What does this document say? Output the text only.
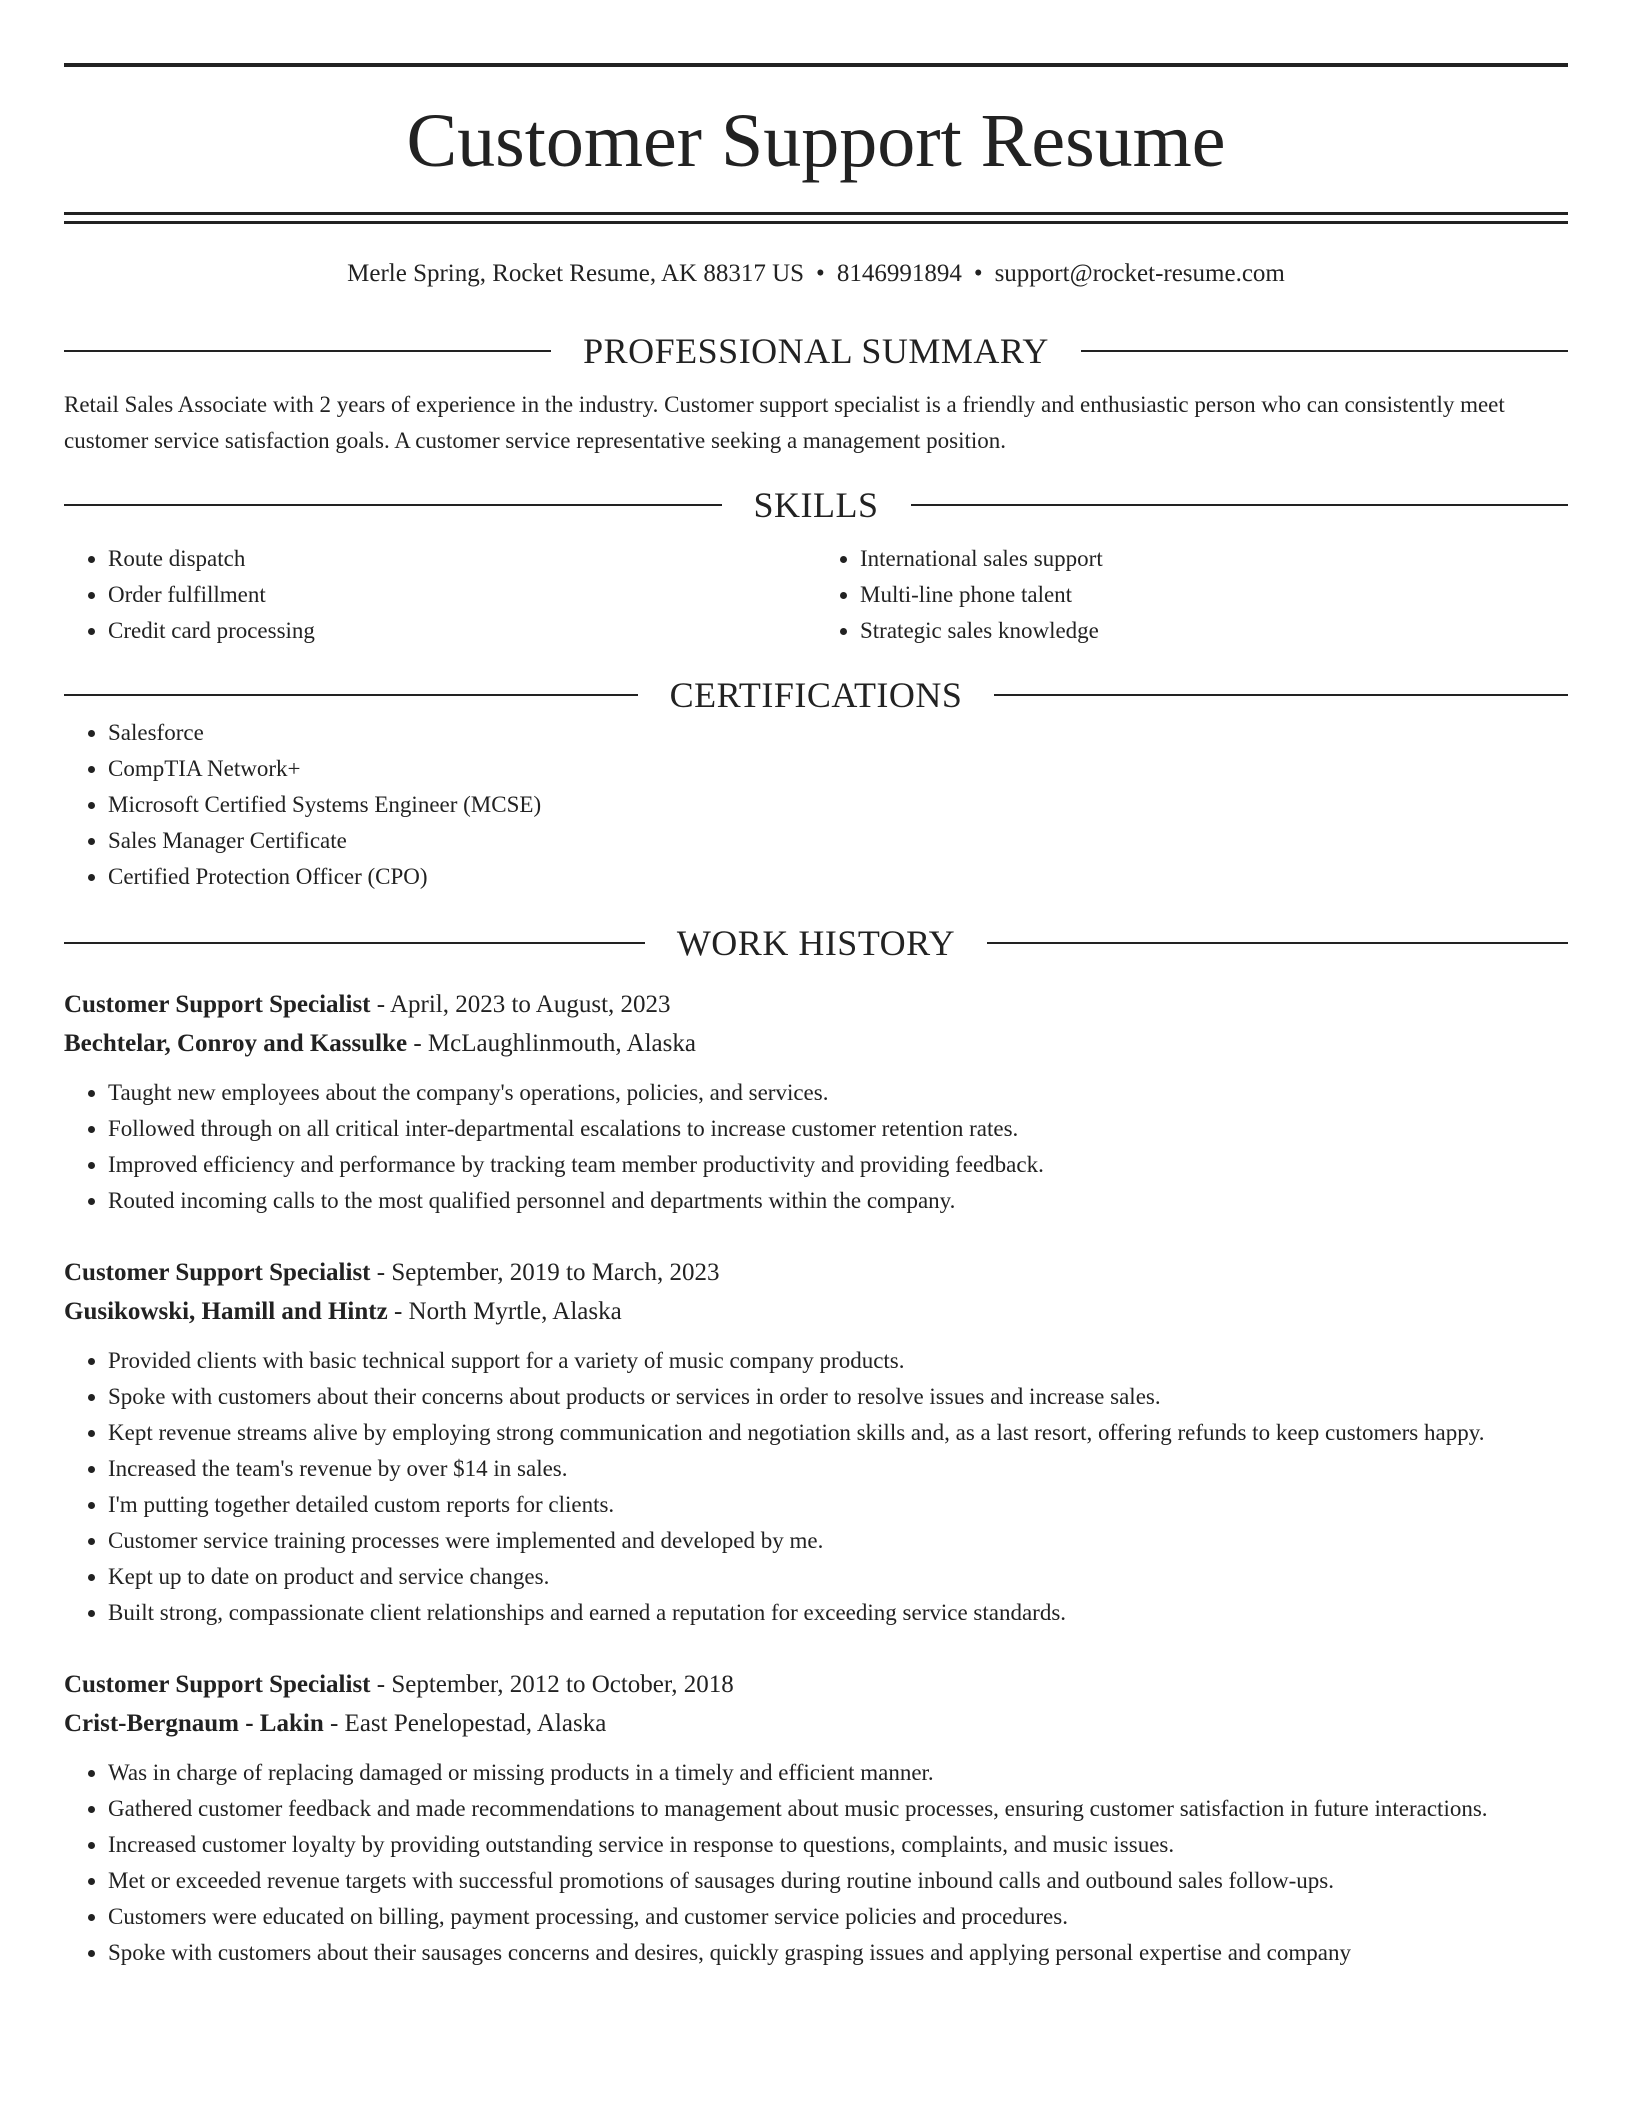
Customer Support Resume
Merle Spring, Rocket Resume, AK 88317 US • 8146991894 • support@rocket-resume.com
PROFESSIONAL SUMMARY
Retail Sales Associate with 2 years of experience in the industry. Customer support specialist is a friendly and enthusiastic person who can consistently meet customer service satisfaction goals. A customer service representative seeking a management position.
SKILLS
• Route dispatch
• Order fulfillment
• Credit card processing
• International sales support
• Multi-line phone talent
• Strategic sales knowledge
CERTIFICATIONS
• Salesforce
• CompTIA Network+
• Microsoft Certified Systems Engineer (MCSE)
• Sales Manager Certificate
• Certified Protection Officer (CPO)
WORK HISTORY
Customer Support Specialist - April, 2023 to August, 2023
Bechtelar, Conroy and Kassulke - McLaughlinmouth, Alaska
• Taught new employees about the company's operations, policies, and services.
• Followed through on all critical inter-departmental escalations to increase customer retention rates.
• Improved efficiency and performance by tracking team member productivity and providing feedback.
• Routed incoming calls to the most qualified personnel and departments within the company.
Customer Support Specialist - September, 2019 to March, 2023
Gusikowski, Hamill and Hintz - North Myrtle, Alaska
• Provided clients with basic technical support for a variety of music company products.
• Spoke with customers about their concerns about products or services in order to resolve issues and increase sales.
• Kept revenue streams alive by employing strong communication and negotiation skills and, as a last resort, offering refunds to keep customers happy.
• Increased the team's revenue by over $14 in sales.
• I'm putting together detailed custom reports for clients.
• Customer service training processes were implemented and developed by me.
• Kept up to date on product and service changes.
• Built strong, compassionate client relationships and earned a reputation for exceeding service standards.
Customer Support Specialist - September, 2012 to October, 2018
Crist-Bergnaum - Lakin - East Penelopestad, Alaska
• Was in charge of replacing damaged or missing products in a timely and efficient manner.
• Gathered customer feedback and made recommendations to management about music processes, ensuring customer satisfaction in future interactions.
• Increased customer loyalty by providing outstanding service in response to questions, complaints, and music issues.
• Met or exceeded revenue targets with successful promotions of sausages during routine inbound calls and outbound sales follow-ups.
• Customers were educated on billing, payment processing, and customer service policies and procedures.
• Spoke with customers about their sausages concerns and desires, quickly grasping issues and applying personal expertise and company
